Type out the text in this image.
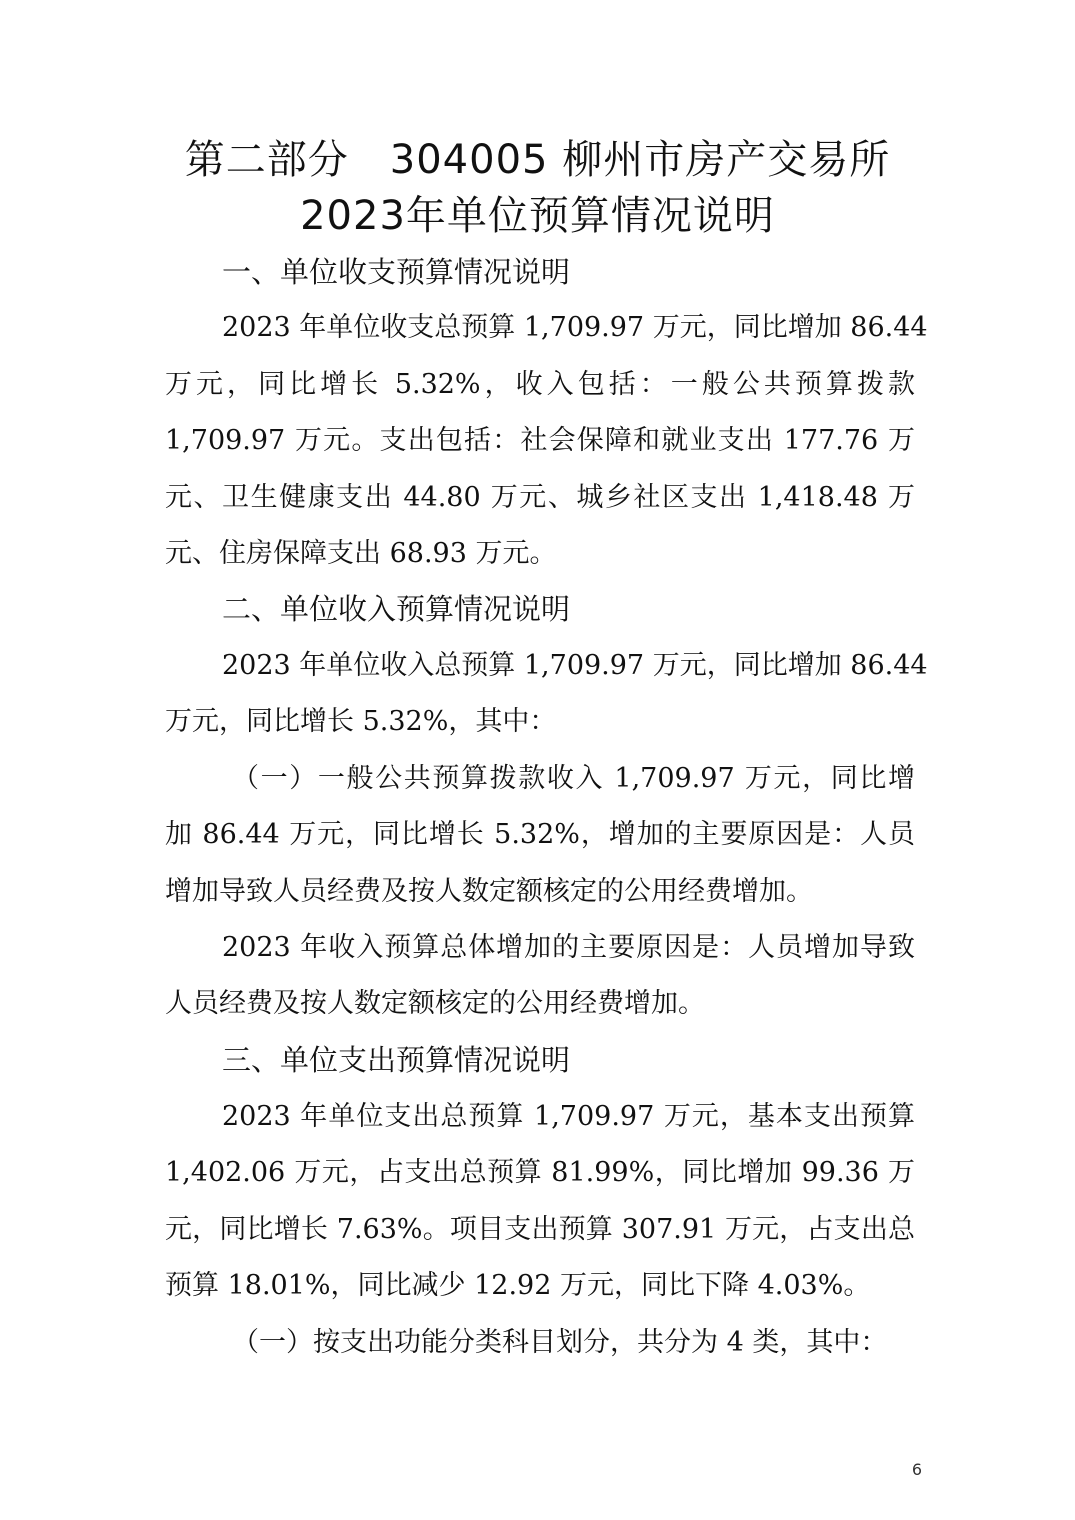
第二部分　304005 柳州市房产交易所
2023年单位预算情况说明
一、单位收支预算情况说明
2023 年单位收支总预算 1,709.97 万元，同比增加 86.44
万元，同比增长 5.32%，收入包括：一般公共预算拨款
1,709.97 万元。支出包括：社会保障和就业支出 177.76 万
元、卫生健康支出 44.80 万元、城乡社区支出 1,418.48 万
元、住房保障支出 68.93 万元。
二、单位收入预算情况说明
2023 年单位收入总预算 1,709.97 万元，同比增加 86.44
万元，同比增长 5.32%，其中：
（一）一般公共预算拨款收入 1,709.97 万元，同比增
加 86.44 万元，同比增长 5.32%，增加的主要原因是：人员
增加导致人员经费及按人数定额核定的公用经费增加。
2023 年收入预算总体增加的主要原因是：人员增加导致
人员经费及按人数定额核定的公用经费增加。
三、单位支出预算情况说明
2023 年单位支出总预算 1,709.97 万元，基本支出预算
1,402.06 万元，占支出总预算 81.99%，同比增加 99.36 万
元，同比增长 7.63%。项目支出预算 307.91 万元，占支出总
预算 18.01%，同比减少 12.92 万元，同比下降 4.03%。
（一）按支出功能分类科目划分，共分为 4 类，其中：
6
